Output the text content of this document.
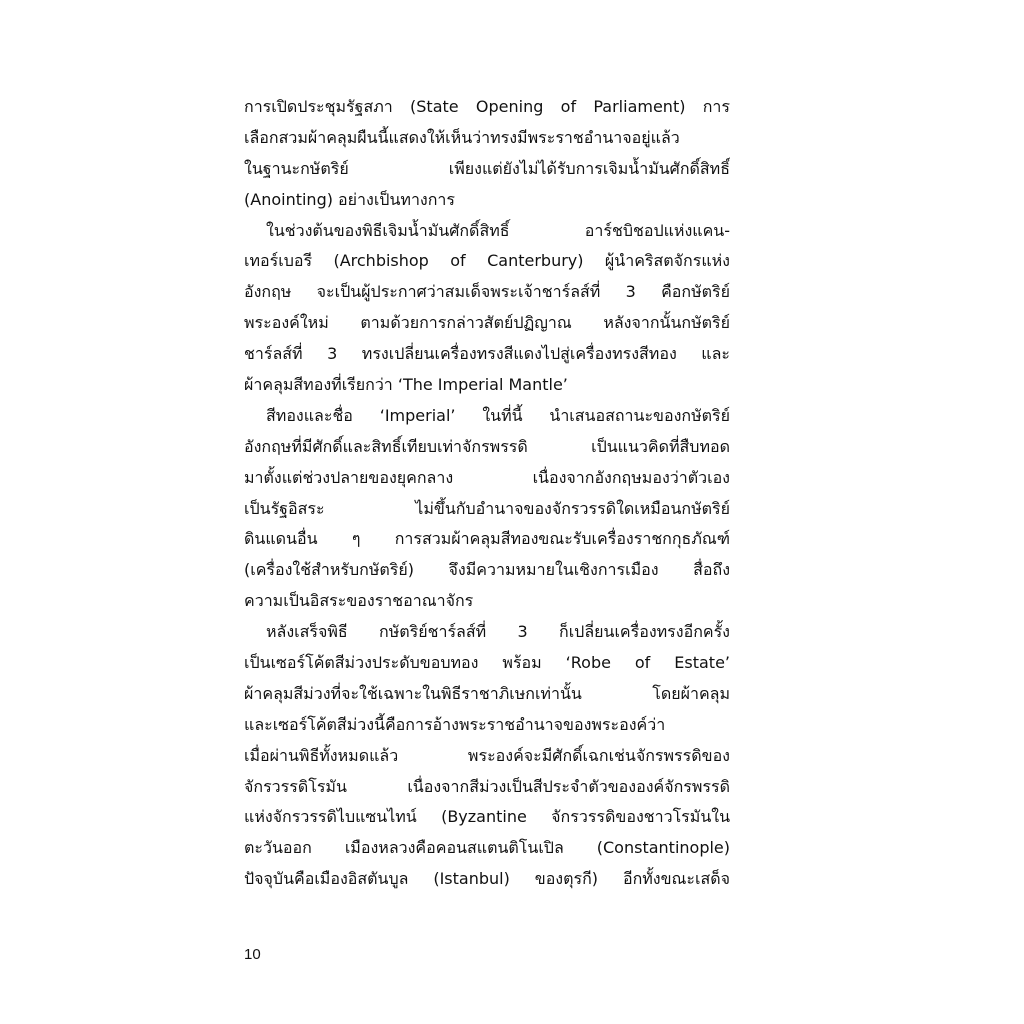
การเปิดประชุมรัฐสภา (State Opening of Parliament) การ
เลือกสวมผ้าคลุมผืนนี้แสดงให้เห็นว่าทรงมีพระราชอำนาจอยู่แล้ว
ในฐานะกษัตริย์ เพียงแต่ยังไม่ได้รับการเจิมน้ำมันศักดิ์สิทธิ์
(Anointing) อย่างเป็นทางการ
ในช่วงต้นของพิธีเจิมน้ำมันศักดิ์สิทธิ์ อาร์ชบิชอปแห่งแคน-
เทอร์เบอรี (Archbishop of Canterbury) ผู้นำคริสตจักรแห่ง
อังกฤษ จะเป็นผู้ประกาศว่าสมเด็จพระเจ้าชาร์ลส์ที่ 3 คือกษัตริย์
พระองค์ใหม่ ตามด้วยการกล่าวสัตย์ปฏิญาณ หลังจากนั้นกษัตริย์
ชาร์ลส์ที่ 3 ทรงเปลี่ยนเครื่องทรงสีแดงไปสู่เครื่องทรงสีทอง และ
ผ้าคลุมสีทองที่เรียกว่า ‘The Imperial Mantle’
สีทองและชื่อ ‘Imperial’ ในที่นี้ นำเสนอสถานะของกษัตริย์
อังกฤษที่มีศักดิ์และสิทธิ์เทียบเท่าจักรพรรดิ เป็นแนวคิดที่สืบทอด
มาตั้งแต่ช่วงปลายของยุคกลาง เนื่องจากอังกฤษมองว่าตัวเอง
เป็นรัฐอิสระ ไม่ขึ้นกับอำนาจของจักรวรรดิใดเหมือนกษัตริย์
ดินแดนอื่น ๆ การสวมผ้าคลุมสีทองขณะรับเครื่องราชกกุธภัณฑ์
(เครื่องใช้สำหรับกษัตริย์) จึงมีความหมายในเชิงการเมือง สื่อถึง
ความเป็นอิสระของราชอาณาจักร
หลังเสร็จพิธี กษัตริย์ชาร์ลส์ที่ 3 ก็เปลี่ยนเครื่องทรงอีกครั้ง
เป็นเซอร์โค้ตสีม่วงประดับขอบทอง พร้อม ‘Robe of Estate’
ผ้าคลุมสีม่วงที่จะใช้เฉพาะในพิธีราชาภิเษกเท่านั้น โดยผ้าคลุม
และเซอร์โค้ตสีม่วงนี้คือการอ้างพระราชอำนาจของพระองค์ว่า
เมื่อผ่านพิธีทั้งหมดแล้ว พระองค์จะมีศักดิ์เฉกเช่นจักรพรรดิของ
จักรวรรดิโรมัน เนื่องจากสีม่วงเป็นสีประจำตัวขององค์จักรพรรดิ
แห่งจักรวรรดิไบแซนไทน์ (Byzantine จักรวรรดิของชาวโรมันใน
ตะวันออก เมืองหลวงคือคอนสแตนติโนเปิล (Constantinople)
ปัจจุบันคือเมืองอิสตันบูล (Istanbul) ของตุรกี) อีกทั้งขณะเสด็จ
10
